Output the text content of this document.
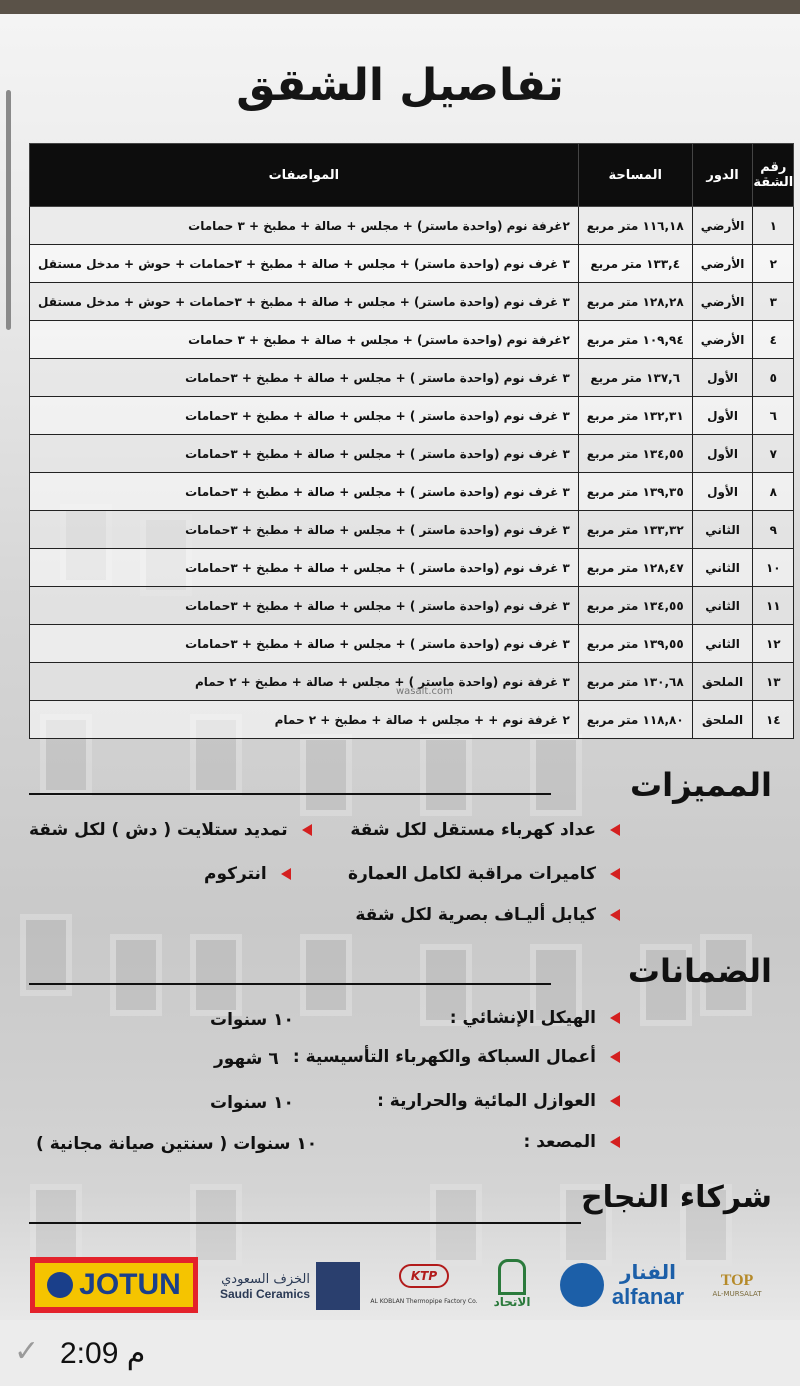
تفاصيل الشقق
رقم الشقة	الدور	المساحة	المواصفات
١	الأرضي	١١٦,١٨ متر مربع	٢غرفة نوم (واحدة ماستر) + مجلس + صالة + مطبخ + ٣ حمامات
٢	الأرضي	١٣٣,٤ متر مربع	٣ غرف نوم (واحدة ماستر) + مجلس + صالة + مطبخ + ٣حمامات + حوش + مدخل مستقل
٣	الأرضي	١٢٨,٢٨ متر مربع	٣ غرف نوم (واحدة ماستر) + مجلس + صالة + مطبخ + ٣حمامات + حوش + مدخل مستقل
٤	الأرضي	١٠٩,٩٤ متر مربع	٢غرفة نوم (واحدة ماستر) + مجلس + صالة + مطبخ + ٣ حمامات
٥	الأول	١٣٧,٦ متر مربع	٣ غرف نوم (واحدة ماستر ) + مجلس + صالة + مطبخ + ٣حمامات
٦	الأول	١٣٢,٣١ متر مربع	٣ غرف نوم (واحدة ماستر ) + مجلس + صالة + مطبخ + ٣حمامات
٧	الأول	١٣٤,٥٥ متر مربع	٣ غرف نوم (واحدة ماستر ) + مجلس + صالة + مطبخ + ٣حمامات
٨	الأول	١٣٩,٣٥ متر مربع	٣ غرف نوم (واحدة ماستر ) + مجلس + صالة + مطبخ + ٣حمامات
٩	الثاني	١٣٣,٣٢ متر مربع	٣ غرف نوم (واحدة ماستر ) + مجلس + صالة + مطبخ + ٣حمامات
١٠	الثاني	١٢٨,٤٧ متر مربع	٣ غرف نوم (واحدة ماستر ) + مجلس + صالة + مطبخ + ٣حمامات
١١	الثاني	١٣٤,٥٥ متر مربع	٣ غرف نوم (واحدة ماستر ) + مجلس + صالة + مطبخ + ٣حمامات
١٢	الثاني	١٣٩,٥٥ متر مربع	٣ غرف نوم (واحدة ماستر ) + مجلس + صالة + مطبخ + ٣حمامات
١٣	الملحق	١٣٠,٦٨ متر مربع	٣ غرفة نوم (واحدة ماستر ) + مجلس + صالة + مطبخ + ٢ حمام
١٤	الملحق	١١٨,٨٠ متر مربع	٢ غرفة نوم + + مجلس + صالة + مطبخ + ٢ حمام
wasalt.com
المميزات
عداد كهرباء مستقل لكل شقة
تمديد ستلايت ( دش ) لكل شقة
كاميرات مراقبة لكامل العمارة
انتركوم
كيابل أليـاف بصرية لكل شقة
الضمانات
الهيكل الإنشائي :
١٠ سنوات
أعمال السباكة والكهرباء التأسيسية :
٦ شهور
العوازل المائية والحرارية :
١٠ سنوات
المصعد :
١٠ سنوات ( سنتين صيانة مجانية )
شركاء النجاح
JOTUN	الخزف السعودي
Saudi Ceramics
KTP
AL KOBLAN Thermopipe Factory Co. الاتحاد
الفنار
alfanar
TOP
AL-MURSALAT
✓ 2:09 م
